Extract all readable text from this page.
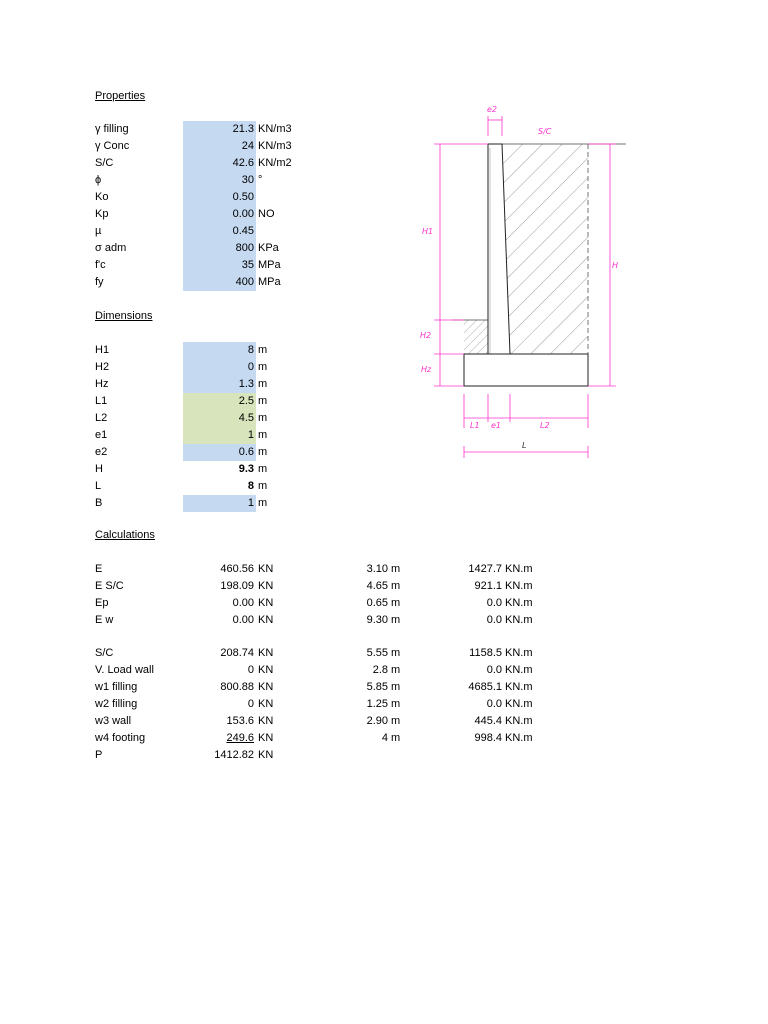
Properties
γ filling	21.3 KN/m3
γ Conc	24 KN/m3
S/C	42.6 KN/m2
ϕ	30 °
Ko	0.50
Kp	0.00 NO
µ	0.45
σ adm	800 KPa
f'c	35 MPa
fy	400 MPa
Dimensions
H1	8 m
H2	0 m
Hz	1.3 m
L1	2.5 m
L2	4.5 m
e1	1 m
e2	0.6 m
H	9.3 m
L	8 m
B	1 m
Calculations
E	460.56 KN	3.10 m	1427.7 KN.m
E S/C	198.09 KN	4.65 m	921.1 KN.m
Ep	0.00 KN	0.65 m	0.0 KN.m
E w	0.00 KN	9.30 m	0.0 KN.m
S/C	208.74 KN	5.55 m	1158.5 KN.m
V. Load wall	0 KN	2.8 m	0.0 KN.m
w1 filling	800.88 KN	5.85 m	4685.1 KN.m
w2 filling	0 KN	1.25 m	0.0 KN.m
w3 wall	153.6 KN	2.90 m	445.4 KN.m
w4 footing	249.6 KN	4 m	998.4 KN.m
P	1412.82 KN
e2
S/C
H1
H2
Hz
H
L1 e1	L2
L
